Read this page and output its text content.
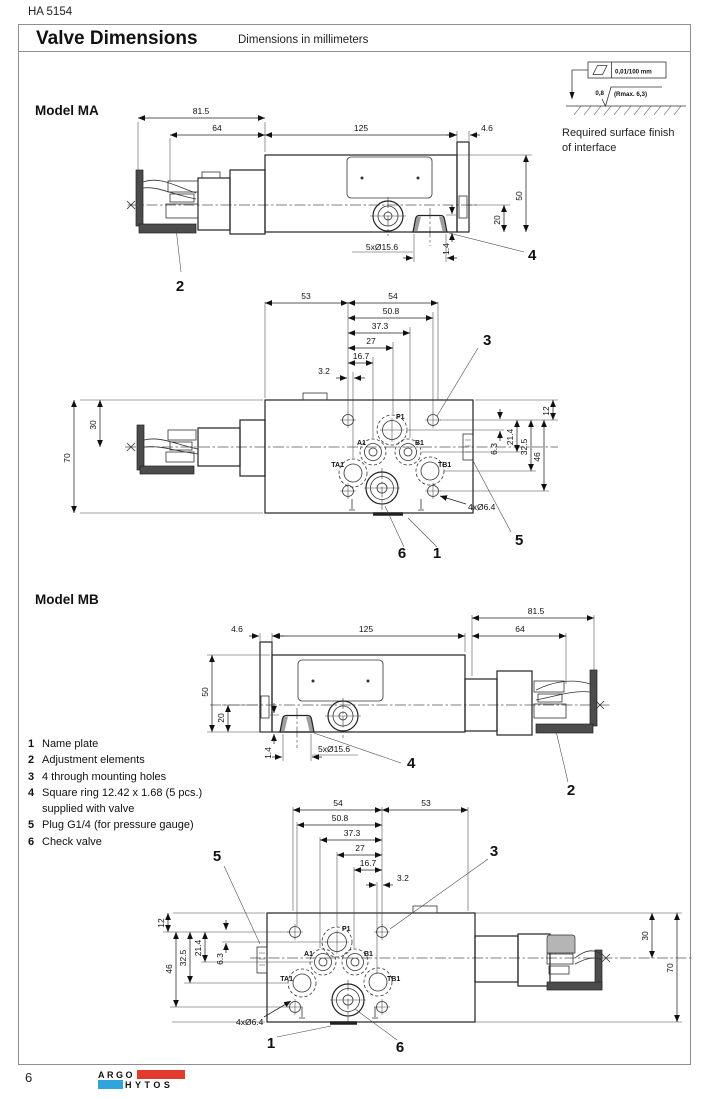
HA 5154
Valve Dimensions	Dimensions in millimeters
0,01/100 mm
0,8 (Rmax. 6,3)
Required surface finish
of interface
Model MA
Model MB
81.5
64	125	4.6
50
20
5xØ15.6	1.4
2
4
P1
A1	B1
TA1	TB1
53	54
50.8
37.3
27
16.7
3.2
70
30
12
6.3
21.4
32.5
46
4xØ6.4
3
5
6 1
81.5
64
125
4.6
50
20
1.4	5xØ15.6
4
2
P1
A1	B1
TA1	TB1
54	53
50.8
37.3
27
16.7
3.2
12
46
32.5
21.4
6.3
30
70
4xØ6.4
5	3
1	6
1 Name plate
2 Adjustment elements
3 4 through mounting holes
4 Square ring 12.42 x 1.68 (5 pcs.)
supplied with valve
5 Plug G1/4 (for pressure gauge)
6 Check valve
6	ARGO
HYTOS
